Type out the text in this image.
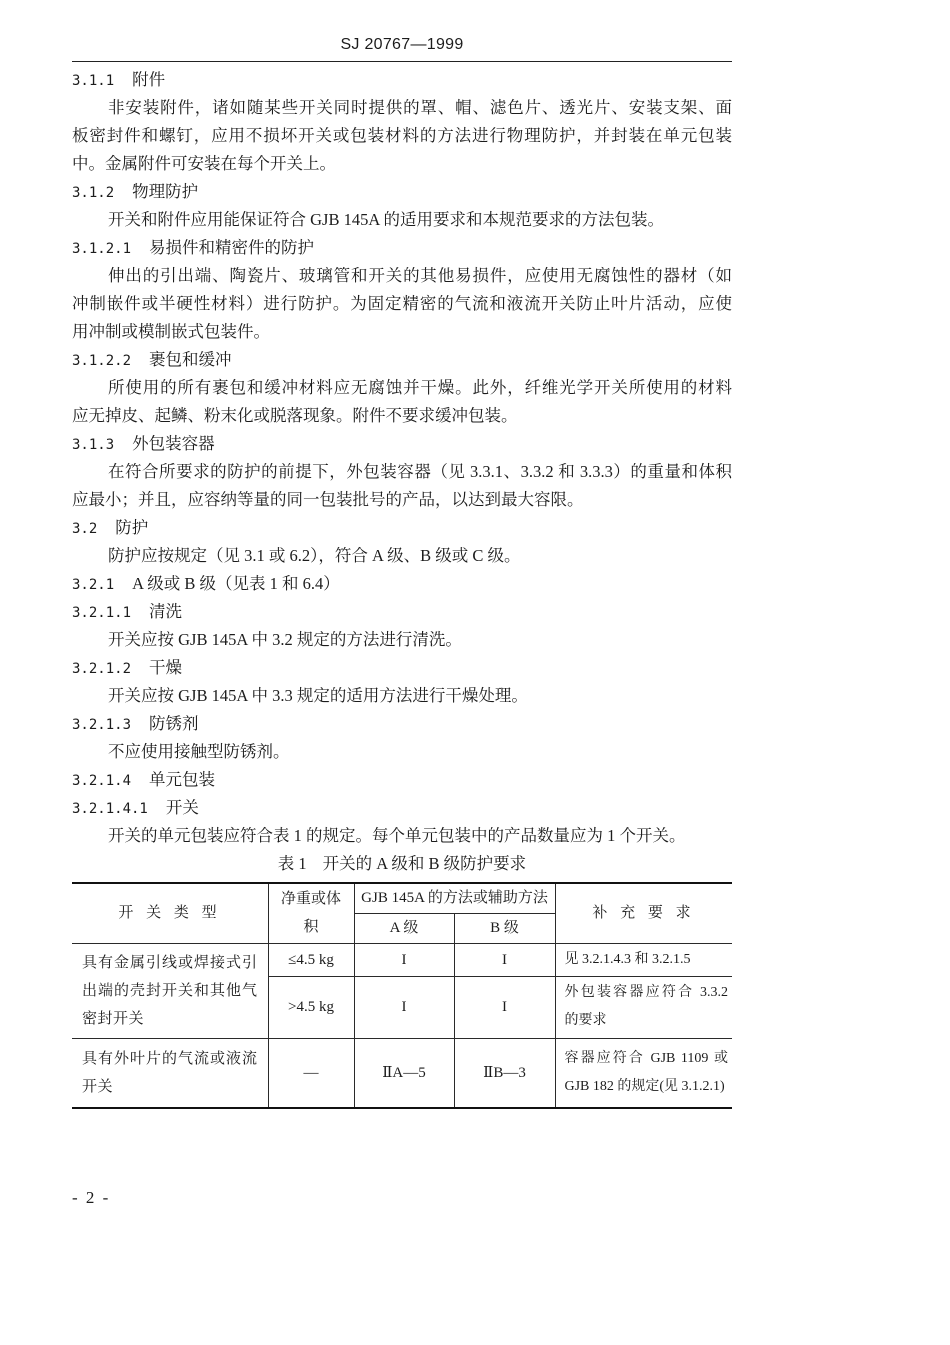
SJ 20767—1999
3.1.1 附件
非安装附件，诸如随某些开关同时提供的罩、帽、滤色片、透光片、安装支架、面
板密封件和螺钉，应用不损坏开关或包装材料的方法进行物理防护，并封装在单元包装
中。金属附件可安装在每个开关上。
3.1.2 物理防护
开关和附件应用能保证符合 GJB 145A 的适用要求和本规范要求的方法包装。
3.1.2.1 易损件和精密件的防护
伸出的引出端、陶瓷片、玻璃管和开关的其他易损件，应使用无腐蚀性的器材（如
冲制嵌件或半硬性材料）进行防护。为固定精密的气流和液流开关防止叶片活动，应使
用冲制或模制嵌式包装件。
3.1.2.2 裹包和缓冲
所使用的所有裹包和缓冲材料应无腐蚀并干燥。此外，纤维光学开关所使用的材料
应无掉皮、起鳞、粉末化或脱落现象。附件不要求缓冲包装。
3.1.3 外包装容器
在符合所要求的防护的前提下，外包装容器（见 3.3.1、3.3.2 和 3.3.3）的重量和体积
应最小；并且，应容纳等量的同一包装批号的产品，以达到最大容限。
3.2 防护
防护应按规定（见 3.1 或 6.2），符合 A 级、B 级或 C 级。
3.2.1 A 级或 B 级（见表 1 和 6.4）
3.2.1.1 清洗
开关应按 GJB 145A 中 3.2 规定的方法进行清洗。
3.2.1.2 干燥
开关应按 GJB 145A 中 3.3 规定的适用方法进行干燥处理。
3.2.1.3 防锈剂
不应使用接触型防锈剂。
3.2.1.4 单元包装
3.2.1.4.1 开关
开关的单元包装应符合表 1 的规定。每个单元包装中的产品数量应为 1 个开关。
表 1 开关的 A 级和 B 级防护要求
开 关 类 型	净重或体积	GJB 145A 的方法或辅助方法		补 充 要 求
		A 级	B 级	

具有金属引线或焊接式引
出端的壳封开关和其他气
密封开关	≤4.5 kg	I	I	见 3.2.1.4.3 和 3.2.1.5

	>4.5 kg	I	I	外包装容器应符合 3.3.2
的要求

具有外叶片的气流或液流
开关	—	ⅡA—5	ⅡB—3	容器应符合 GJB 1109 或
GJB 182 的规定(见 3.1.2.1)
- 2 -
